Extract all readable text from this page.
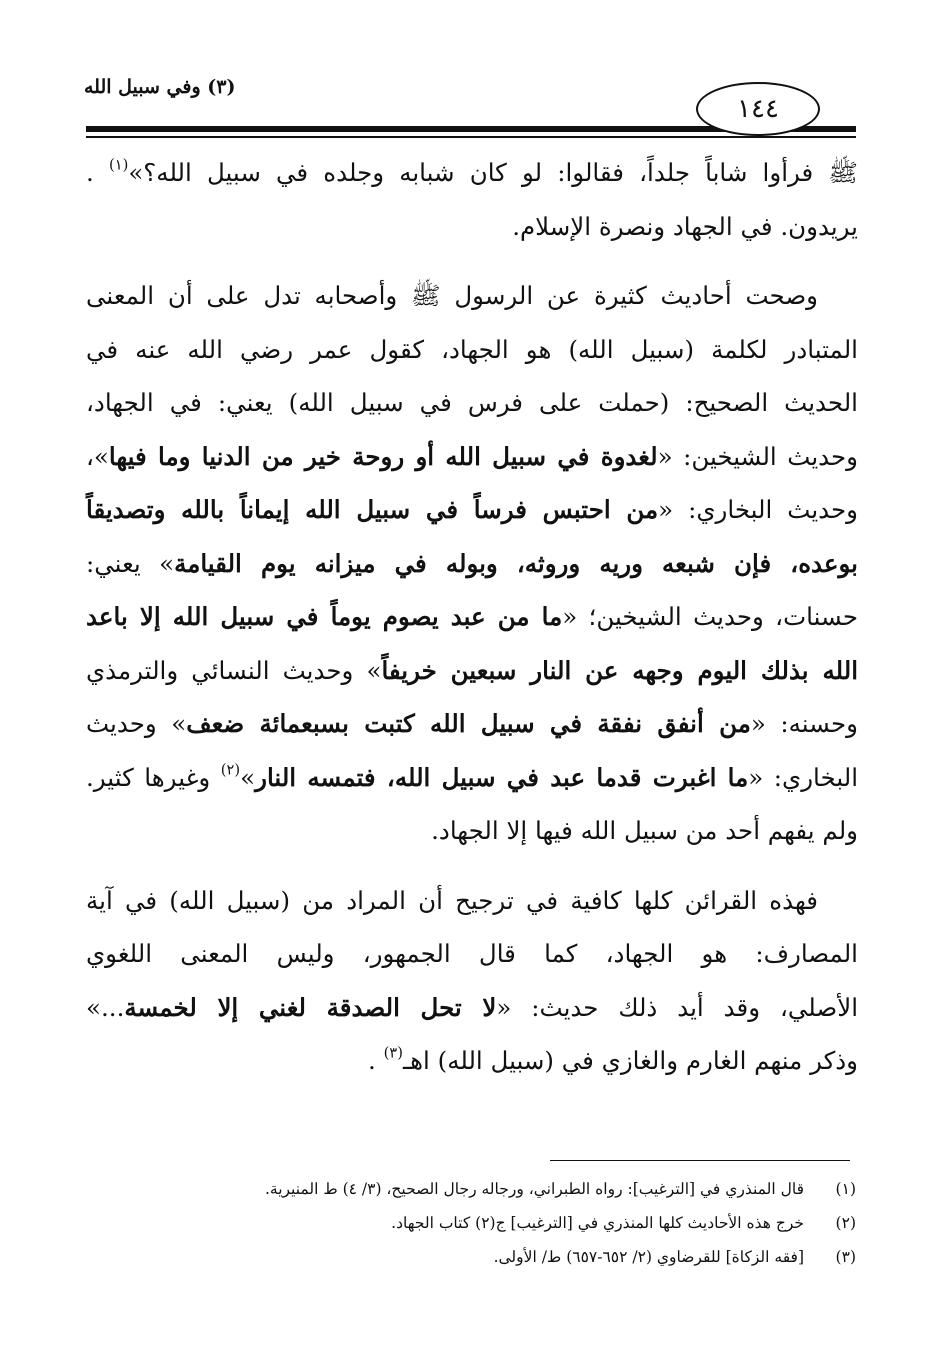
(٣) وفي سبيل الله
١٤٤
ﷺ فرأوا شاباً جلداً، فقالوا: لو كان شبابه وجلده في سبيل الله؟»$^{(١)}$ .
يريدون. في الجهاد ونصرة الإسلام.
وصحت أحاديث كثيرة عن الرسول ﷺ وأصحابه تدل على أن المعنى
المتبادر لكلمة (سبيل الله) هو الجهاد، كقول عمر رضي الله عنه في
الحديث الصحيح: (حملت على فرس في سبيل الله) يعني: في الجهاد،
وحديث الشيخين: «لغدوة في سبيل الله أو روحة خير من الدنيا وما فيها»،
وحديث البخاري: «من احتبس فرساً في سبيل الله إيماناً بالله وتصديقاً
بوعده، فإن شبعه وريه وروثه، وبوله في ميزانه يوم القيامة» يعني:
حسنات، وحديث الشيخين؛ «ما من عبد يصوم يوماً في سبيل الله إلا باعد
الله بذلك اليوم وجهه عن النار سبعين خريفاً» وحديث النسائي والترمذي
وحسنه: «من أنفق نفقة في سبيل الله كتبت بسبعمائة ضعف» وحديث
البخاري: «ما اغبرت قدما عبد في سبيل الله، فتمسه النار»$^{(٢)}$ وغيرها كثير.
ولم يفهم أحد من سبيل الله فيها إلا الجهاد.
فهذه القرائن كلها كافية في ترجيح أن المراد من (سبيل الله) في آية
المصارف: هو الجهاد، كما قال الجمهور، وليس المعنى اللغوي
الأصلي، وقد أيد ذلك حديث: «لا تحل الصدقة لغني إلا لخمسة...»
وذكر منهم الغارم والغازي في (سبيل الله) اهـ$^{(٣)}$ .
(١)
قال المنذري في [الترغيب]: رواه الطبراني، ورجاله رجال الصحيح، (٣/ ٤) ط المنيرية.
(٢)
خرج هذه الأحاديث كلها المنذري في [الترغيب] ج(٢) كتاب الجهاد.
(٣)
[فقه الزكاة] للقرضاوي (٢/ ٦٥٢-٦٥٧) ط/ الأولى.
